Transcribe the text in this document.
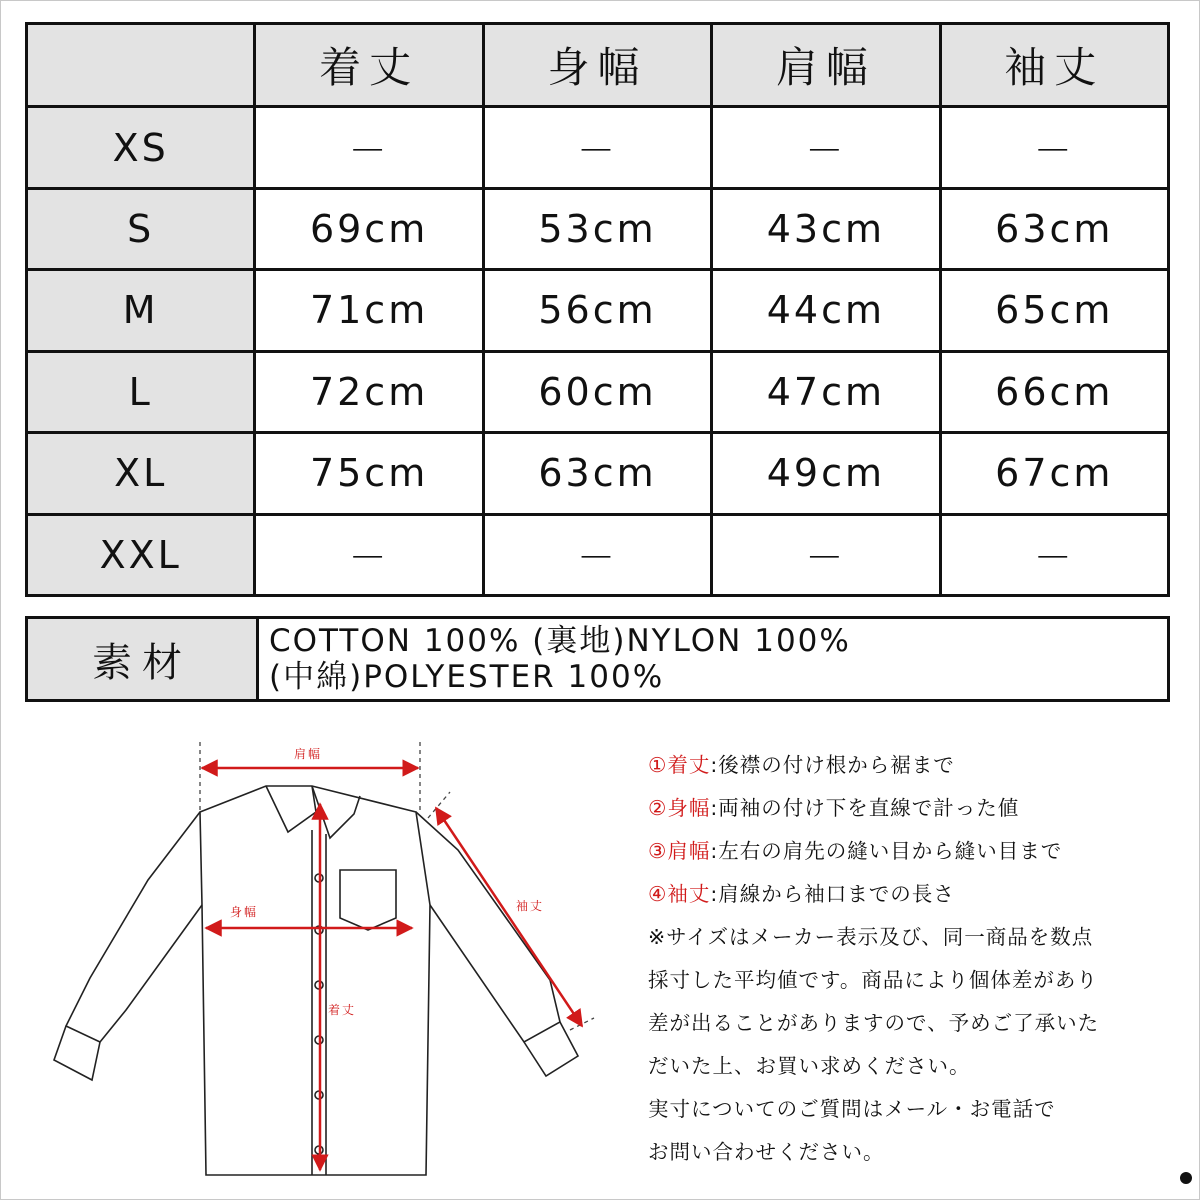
	着丈	身幅	肩幅	袖丈
XS	－	－	－	－
S	69cm	53cm	43cm	63cm
M	71cm	56cm	44cm	65cm
L	72cm	60cm	47cm	66cm
XL	75cm	63cm	49cm	67cm
XXL	－	－	－	－
素材	COTTON 100% (裏地)NYLON 100%
(中綿)POLYESTER 100%
肩幅
身幅
着丈
袖丈
①着丈:後襟の付け根から裾まで
②身幅:両袖の付け下を直線で計った値
③肩幅:左右の肩先の縫い目から縫い目まで
④袖丈:肩線から袖口までの長さ
※サイズはメーカー表示及び、同一商品を数点
採寸した平均値です。商品により個体差があり
差が出ることがありますので、予めご了承いた
だいた上、お買い求めください。
実寸についてのご質問はメール・お電話で
お問い合わせください。
